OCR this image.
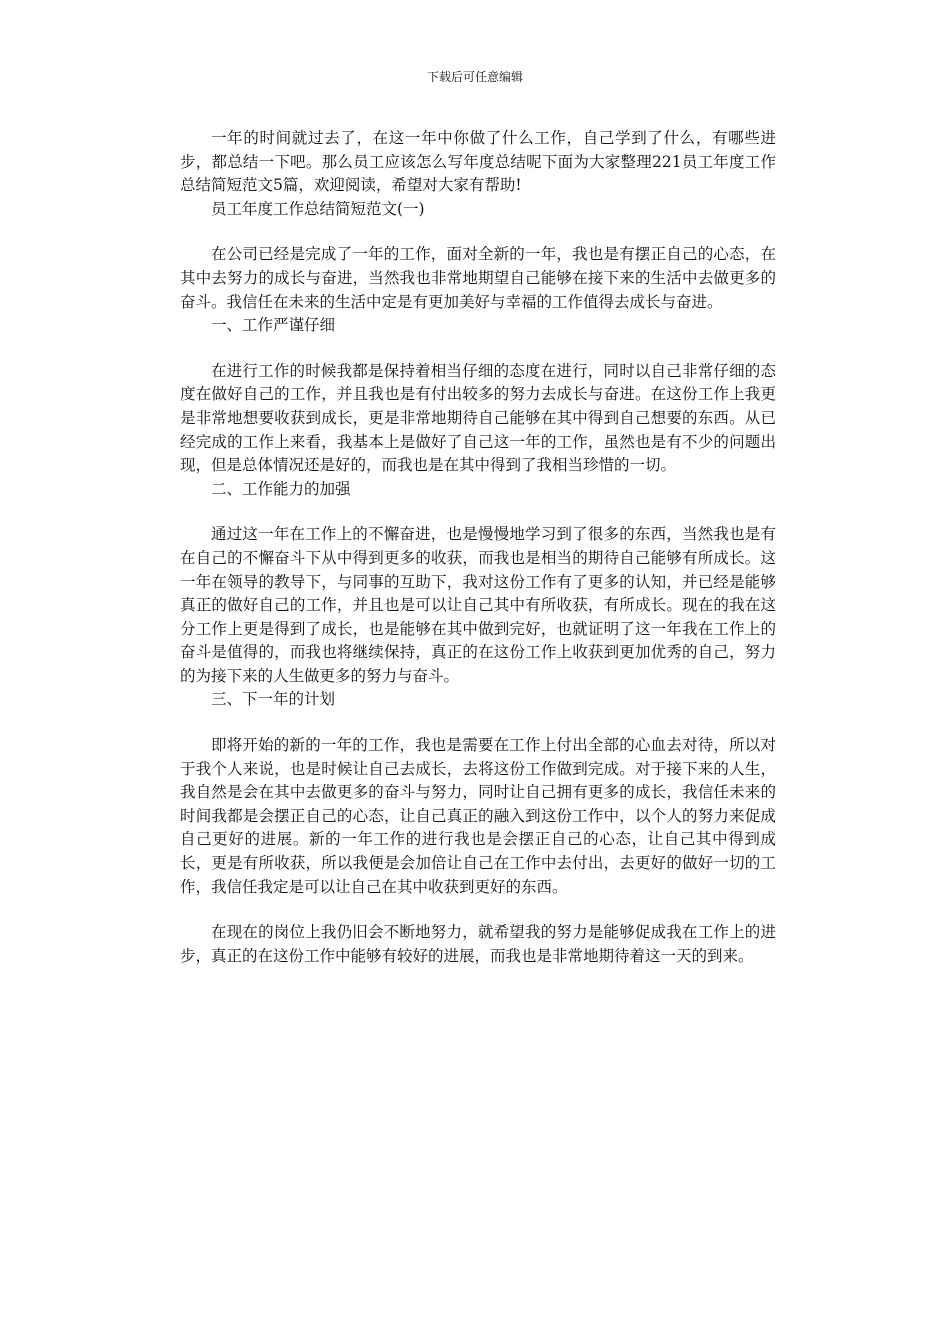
下载后可任意编辑

一年的时间就过去了，在这一年中你做了什么工作，自己学到了什么，有哪些进步，都总结一下吧。那么员工应该怎么写年度总结呢下面为大家整理221员工年度工作总结简短范文5篇，欢迎阅读，希望对大家有帮助!

员工年度工作总结简短范文(一)

在公司已经是完成了一年的工作，面对全新的一年，我也是有摆正自己的心态，在其中去努力的成长与奋进，当然我也非常地期望自己能够在接下来的生活中去做更多的奋斗。我信任在未来的生活中定是有更加美好与幸福的工作值得去成长与奋进。

一、工作严谨仔细

在进行工作的时候我都是保持着相当仔细的态度在进行，同时以自己非常仔细的态度在做好自己的工作，并且我也是有付出较多的努力去成长与奋进。在这份工作上我更是非常地想要收获到成长，更是非常地期待自己能够在其中得到自己想要的东西。从已经完成的工作上来看，我基本上是做好了自己这一年的工作，虽然也是有不少的问题出现，但是总体情况还是好的，而我也是在其中得到了我相当珍惜的一切。

二、工作能力的加强

通过这一年在工作上的不懈奋进，也是慢慢地学习到了很多的东西，当然我也是有在自己的不懈奋斗下从中得到更多的收获，而我也是相当的期待自己能够有所成长。这一年在领导的教导下，与同事的互助下，我对这份工作有了更多的认知，并已经是能够真正的做好自己的工作，并且也是可以让自己其中有所收获，有所成长。现在的我在这分工作上更是得到了成长，也是能够在其中做到完好，也就证明了这一年我在工作上的奋斗是值得的，而我也将继续保持，真正的在这份工作上收获到更加优秀的自己，努力的为接下来的人生做更多的努力与奋斗。

三、下一年的计划

即将开始的新的一年的工作，我也是需要在工作上付出全部的心血去对待，所以对于我个人来说，也是时候让自己去成长，去将这份工作做到完成。对于接下来的人生，我自然是会在其中去做更多的奋斗与努力，同时让自己拥有更多的成长，我信任未来的时间我都是会摆正自己的心态，让自己真正的融入到这份工作中，以个人的努力来促成自己更好的进展。新的一年工作的进行我也是会摆正自己的心态，让自己其中得到成长，更是有所收获，所以我便是会加倍让自己在工作中去付出，去更好的做好一切的工作，我信任我定是可以让自己在其中收获到更好的东西。

在现在的岗位上我仍旧会不断地努力，就希望我的努力是能够促成我在工作上的进步，真正的在这份工作中能够有较好的进展，而我也是非常地期待着这一天的到来。
